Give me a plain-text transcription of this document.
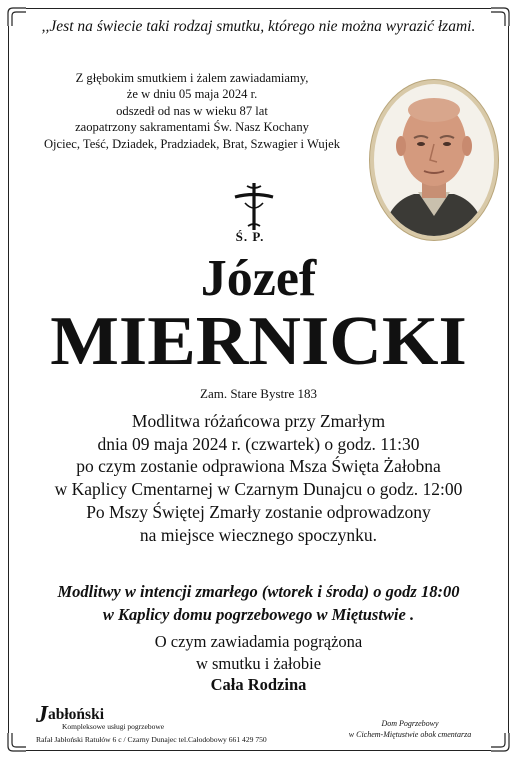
,,Jest na świecie taki rodzaj smutku, którego nie można wyrazić łzami.
Z głębokim smutkiem i żalem zawiadamiamy,
że w dniu 05 maja 2024 r.
odszedł od nas w wieku 87 lat
zaopatrzony sakramentami Św. Nasz Kochany
Ojciec, Teść, Dziadek, Pradziadek, Brat, Szwagier i Wujek
Ś. P.
Józef
MIERNICKI
Zam. Stare Bystre 183
Modlitwa różańcowa przy Zmarłym
dnia 09 maja 2024 r. (czwartek) o godz. 11:30
po czym zostanie odprawiona Msza Święta Żałobna
w Kaplicy Cmentarnej w Czarnym Dunajcu o godz. 12:00
Po Mszy Świętej Zmarły zostanie odprowadzony
na miejsce wiecznego spoczynku.
Modlitwy w intencji zmarłego (wtorek i środa) o godz 18:00
w Kaplicy domu pogrzebowego w Miętustwie .
O czym zawiadamia pogrążona
w smutku i żałobie
Cała Rodzina
Jabłoński
Kompleksowe usługi pogrzebowe
Rafał Jabłoński Ratułów 6 c / Czarny Dunajec tel.Całodobowy 661 429 750
Dom Pogrzebowy
w Cichem-Miętustwie obok cmentarza
